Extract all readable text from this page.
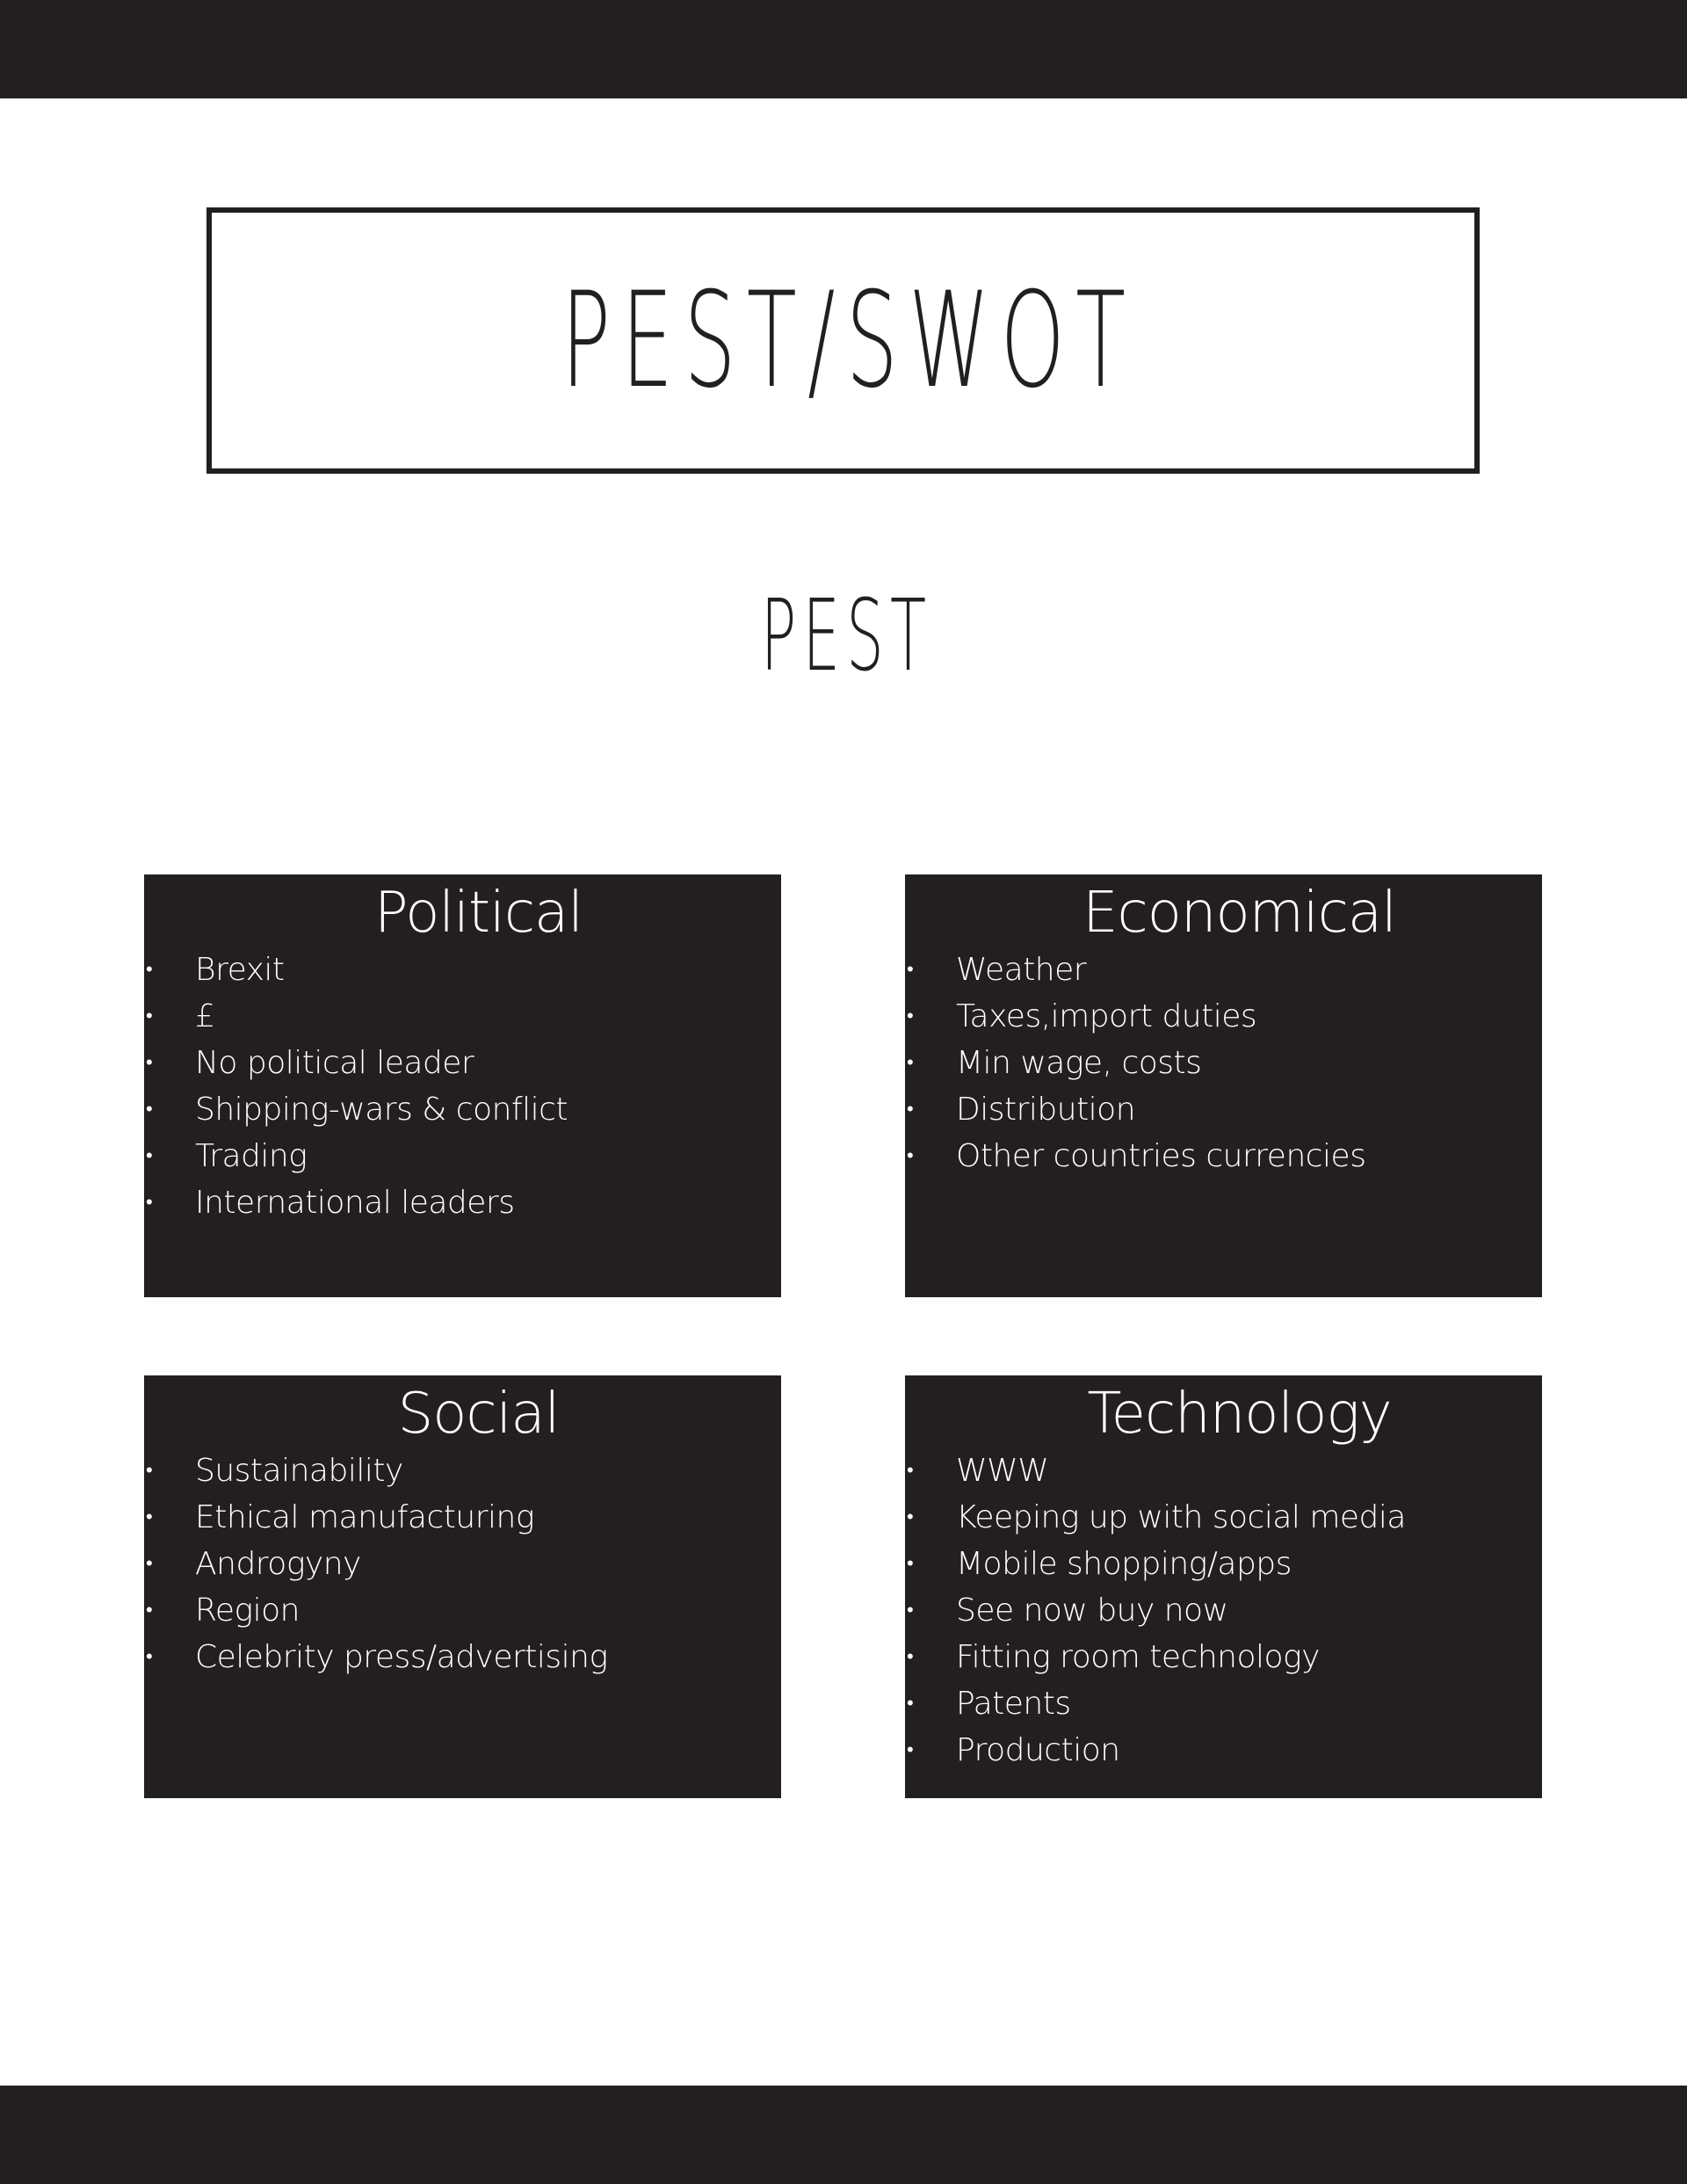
PEST/SWOT
PEST
Political
• Brexit
• £
• No political leader
• Shipping-wars & conflict
• Trading
• International leaders
Economical
• Weather
• Taxes,import duties
• Min wage, costs
• Distribution
• Other countries currencies
Social
• Sustainability
• Ethical manufacturing
• Androgyny
• Region
• Celebrity press/advertising
Technology
• WWW
• Keeping up with social media
• Mobile shopping/apps
• See now buy now
• Fitting room technology
• Patents
• Production
